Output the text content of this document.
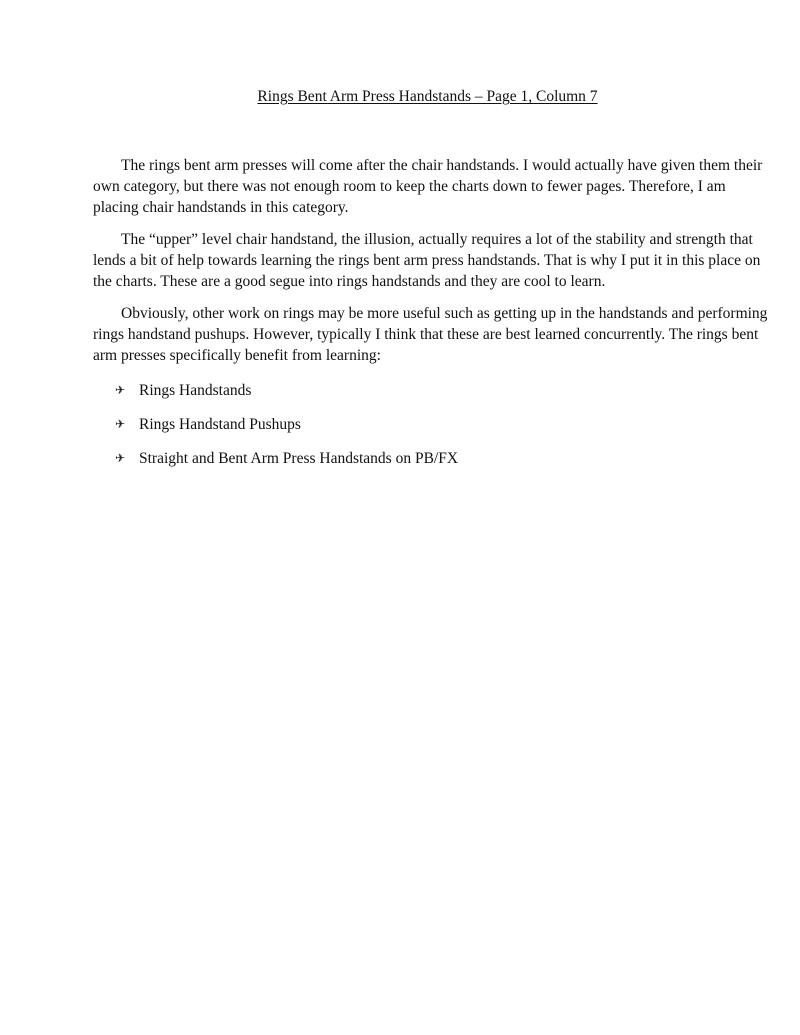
Rings Bent Arm Press Handstands – Page 1, Column 7

The rings bent arm presses will come after the chair handstands. I would actually have given them their own category, but there was not enough room to keep the charts down to fewer pages. Therefore, I am placing chair handstands in this category.

The “upper” level chair handstand, the illusion, actually requires a lot of the stability and strength that lends a bit of help towards learning the rings bent arm press handstands. That is why I put it in this place on the charts. These are a good segue into rings handstands and they are cool to learn.

Obviously, other work on rings may be more useful such as getting up in the handstands and performing rings handstand pushups. However, typically I think that these are best learned concurrently. The rings bent arm presses specifically benefit from learning:

✈ Rings Handstands
✈ Rings Handstand Pushups
✈ Straight and Bent Arm Press Handstands on PB/FX
